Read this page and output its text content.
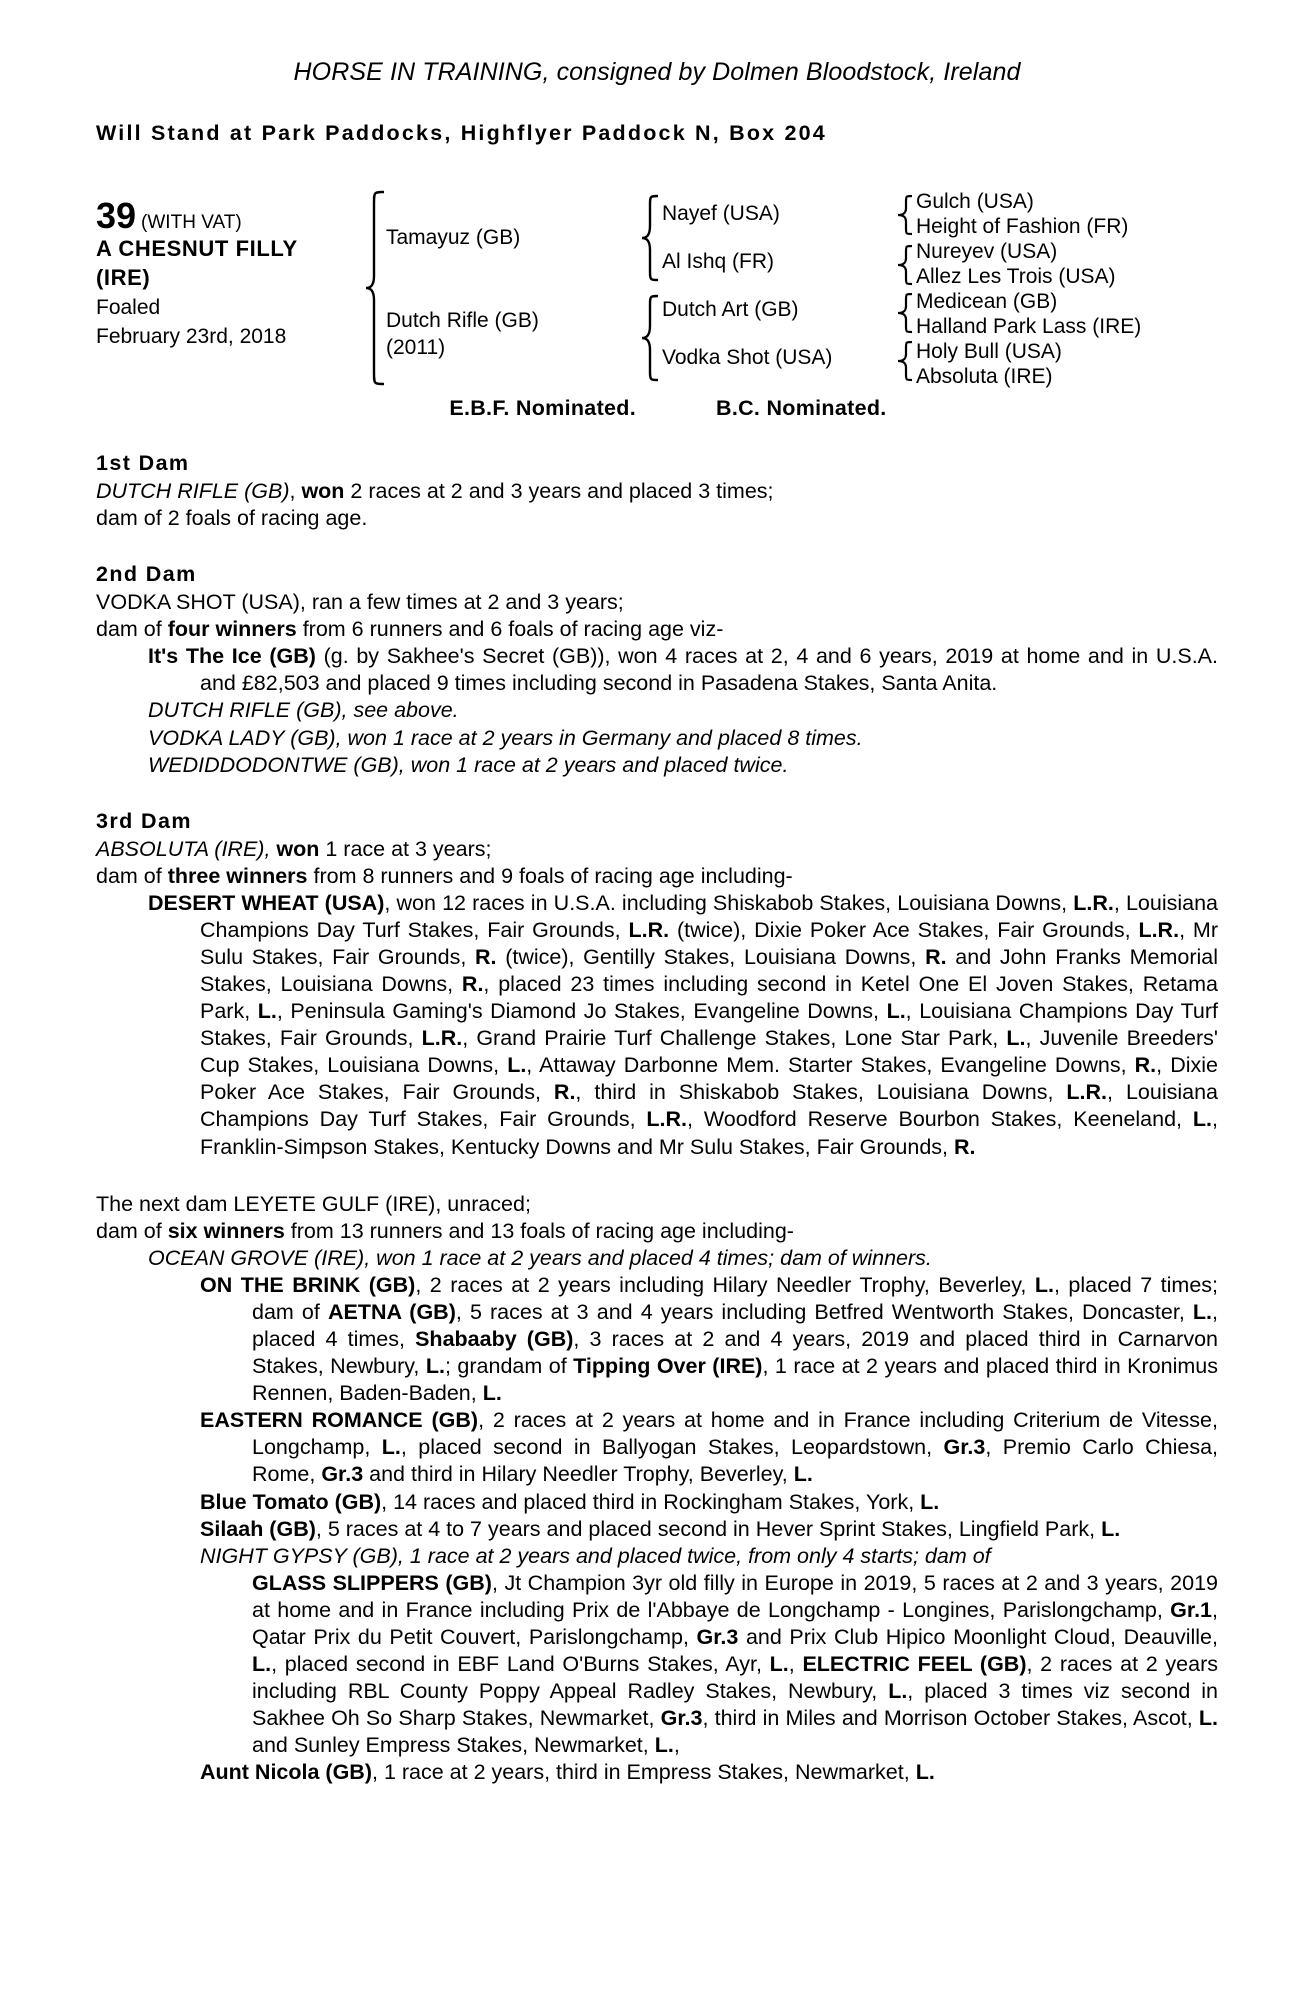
HORSE IN TRAINING, consigned by Dolmen Bloodstock, Ireland
Will Stand at Park Paddocks, Highflyer Paddock N, Box 204
39 (WITH VAT)
A CHESNUT FILLY
(IRE)
Foaled
February 23rd, 2018
Tamayuz (GB)
Dutch Rifle (GB)
(2011)
Nayef (USA)
Al Ishq (FR)
Dutch Art (GB)
Vodka Shot (USA)
Gulch (USA)
Height of Fashion (FR)
Nureyev (USA)
Allez Les Trois (USA)
Medicean (GB)
Halland Park Lass (IRE)
Holy Bull (USA)
Absoluta (IRE)
E.B.F. Nominated.	B.C. Nominated.
1st Dam

DUTCH RIFLE (GB), won 2 races at 2 and 3 years and placed 3 times;

dam of 2 foals of racing age.

2nd Dam

VODKA SHOT (USA), ran a few times at 2 and 3 years;

dam of four winners from 6 runners and 6 foals of racing age viz-

It's The Ice (GB) (g. by Sakhee's Secret (GB)), won 4 races at 2, 4 and 6 years, 2019 at home and in U.S.A. and £82,503 and placed 9 times including second in Pasadena Stakes, Santa Anita.

DUTCH RIFLE (GB), see above.

VODKA LADY (GB), won 1 race at 2 years in Germany and placed 8 times.

WEDIDDODONTWE (GB), won 1 race at 2 years and placed twice.

3rd Dam

ABSOLUTA (IRE), won 1 race at 3 years;

dam of three winners from 8 runners and 9 foals of racing age including-

DESERT WHEAT (USA), won 12 races in U.S.A. including Shiskabob Stakes, Louisiana Downs, L.R., Louisiana Champions Day Turf Stakes, Fair Grounds, L.R. (twice), Dixie Poker Ace Stakes, Fair Grounds, L.R., Mr Sulu Stakes, Fair Grounds, R. (twice), Gentilly Stakes, Louisiana Downs, R. and John Franks Memorial Stakes, Louisiana Downs, R., placed 23 times including second in Ketel One El Joven Stakes, Retama Park, L., Peninsula Gaming's Diamond Jo Stakes, Evangeline Downs, L., Louisiana Champions Day Turf Stakes, Fair Grounds, L.R., Grand Prairie Turf Challenge Stakes, Lone Star Park, L., Juvenile Breeders' Cup Stakes, Louisiana Downs, L., Attaway Darbonne Mem. Starter Stakes, Evangeline Downs, R., Dixie Poker Ace Stakes, Fair Grounds, R., third in Shiskabob Stakes, Louisiana Downs, L.R., Louisiana Champions Day Turf Stakes, Fair Grounds, L.R., Woodford Reserve Bourbon Stakes, Keeneland, L., Franklin-Simpson Stakes, Kentucky Downs and Mr Sulu Stakes, Fair Grounds, R.

The next dam LEYETE GULF (IRE), unraced;

dam of six winners from 13 runners and 13 foals of racing age including-

OCEAN GROVE (IRE), won 1 race at 2 years and placed 4 times; dam of winners.

ON THE BRINK (GB), 2 races at 2 years including Hilary Needler Trophy, Beverley, L., placed 7 times; dam of AETNA (GB), 5 races at 3 and 4 years including Betfred Wentworth Stakes, Doncaster, L., placed 4 times, Shabaaby (GB), 3 races at 2 and 4 years, 2019 and placed third in Carnarvon Stakes, Newbury, L.; grandam of Tipping Over (IRE), 1 race at 2 years and placed third in Kronimus Rennen, Baden-Baden, L.

EASTERN ROMANCE (GB), 2 races at 2 years at home and in France including Criterium de Vitesse, Longchamp, L., placed second in Ballyogan Stakes, Leopardstown, Gr.3, Premio Carlo Chiesa, Rome, Gr.3 and third in Hilary Needler Trophy, Beverley, L.

Blue Tomato (GB), 14 races and placed third in Rockingham Stakes, York, L.

Silaah (GB), 5 races at 4 to 7 years and placed second in Hever Sprint Stakes, Lingfield Park, L.

NIGHT GYPSY (GB), 1 race at 2 years and placed twice, from only 4 starts; dam of

GLASS SLIPPERS (GB), Jt Champion 3yr old filly in Europe in 2019, 5 races at 2 and 3 years, 2019 at home and in France including Prix de l'Abbaye de Longchamp - Longines, Parislongchamp, Gr.1, Qatar Prix du Petit Couvert, Parislongchamp, Gr.3 and Prix Club Hipico Moonlight Cloud, Deauville, L., placed second in EBF Land O'Burns Stakes, Ayr, L., ELECTRIC FEEL (GB), 2 races at 2 years including RBL County Poppy Appeal Radley Stakes, Newbury, L., placed 3 times viz second in Sakhee Oh So Sharp Stakes, Newmarket, Gr.3, third in Miles and Morrison October Stakes, Ascot, L. and Sunley Empress Stakes, Newmarket, L.,

Aunt Nicola (GB), 1 race at 2 years, third in Empress Stakes, Newmarket, L.
